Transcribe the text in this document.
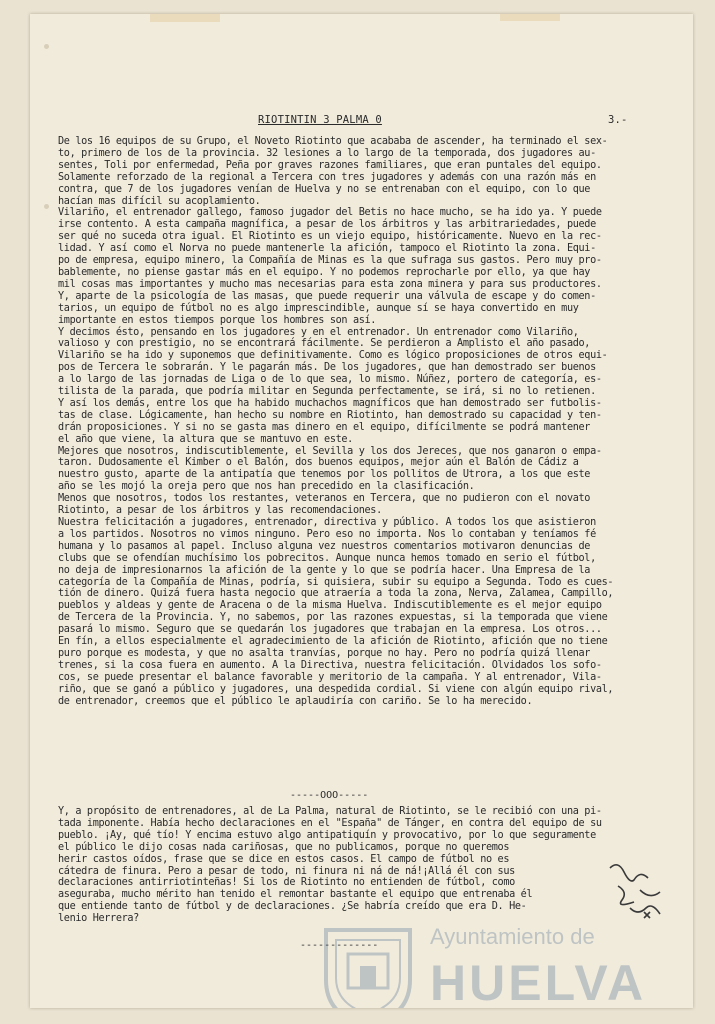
RIOTINTIN 3 PALMA 0	3.-

De los 16 equipos de su Grupo, el Noveto Riotinto que acababa de ascender, ha terminado el sex-

to, primero de los de la provincia. 32 lesiones a lo largo de la temporada, dos jugadores au-

sentes, Toli por enfermedad, Peña por graves razones familiares, que eran puntales del equipo.

Solamente reforzado de la regional a Tercera con tres jugadores y además con una razón más en

contra, que 7 de los jugadores venían de Huelva y no se entrenaban con el equipo, con lo que

hacían mas difícil su acoplamiento.

Vilariño, el entrenador gallego, famoso jugador del Betis no hace mucho, se ha ido ya. Y puede

irse contento. A esta campaña magnífica, a pesar de los árbitros y las arbitrariedades, puede

ser qué no suceda otra igual. El Riotinto es un viejo equipo, históricamente. Nuevo en la rec-

lidad. Y así como el Norva no puede mantenerle la afición, tampoco el Riotinto la zona. Equi-

po de empresa, equipo minero, la Compañía de Minas es la que sufraga sus gastos. Pero muy pro-

bablemente, no piense gastar más en el equipo. Y no podemos reprocharle por ello, ya que hay

mil cosas mas importantes y mucho mas necesarias para esta zona minera y para sus productores.

Y, aparte de la psicología de las masas, que puede requerir una válvula de escape y do comen-

tarios, un equipo de fútbol no es algo imprescindible, aunque sí se haya convertido en muy

importante en estos tiempos porque los hombres son así.

Y decimos ésto, pensando en los jugadores y en el entrenador. Un entrenador como Vilariño,

valioso y con prestigio, no se encontrará fácilmente. Se perdieron a Amplisto el año pasado,

Vilariño se ha ido y suponemos que definitivamente. Como es lógico proposiciones de otros equi-

pos de Tercera le sobrarán. Y le pagarán más. De los jugadores, que han demostrado ser buenos

a lo largo de las jornadas de Liga o de lo que sea, lo mismo. Núñez, portero de categoría, es-

tilista de la parada, que podría militar en Segunda perfectamente, se irá, si no lo retienen.

Y así los demás, entre los que ha habido muchachos magníficos que han demostrado ser futbolis-

tas de clase. Lógicamente, han hecho su nombre en Riotinto, han demostrado su capacidad y ten-

drán proposiciones. Y si no se gasta mas dinero en el equipo, difícilmente se podrá mantener

el año que viene, la altura que se mantuvo en este.

Mejores que nosotros, indiscutiblemente, el Sevilla y los dos Jereces, que nos ganaron o empa-

taron. Dudosamente el Kimber o el Balón, dos buenos equipos, mejor aún el Balón de Cádiz a

nuestro gusto, aparte de la antipatía que tenemos por los pollitos de Utrora, a los que este

año se les mojó la oreja pero que nos han precedido en la clasificación.

Menos que nosotros, todos los restantes, veteranos en Tercera, que no pudieron con el novato

Riotinto, a pesar de los árbitros y las recomendaciones.

Nuestra felicitación a jugadores, entrenador, directiva y público. A todos los que asistieron

a los partidos. Nosotros no vimos ninguno. Pero eso no importa. Nos lo contaban y teníamos fé

humana y lo pasamos al papel. Incluso alguna vez nuestros comentarios motivaron denuncias de

clubs que se ofendían muchísimo los pobrecitos. Aunque nunca hemos tomado en serio el fútbol,

no deja de impresionarnos la afición de la gente y lo que se podría hacer. Una Empresa de la

categoría de la Compañía de Minas, podría, si quisiera, subir su equipo a Segunda. Todo es cues-

tión de dinero. Quizá fuera hasta negocio que atraería a toda la zona, Nerva, Zalamea, Campillo,

pueblos y aldeas y gente de Aracena o de la misma Huelva. Indiscutiblemente es el mejor equipo

de Tercera de la Provincia. Y, no sabemos, por las razones expuestas, si la temporada que viene

pasará lo mismo. Seguro que se quedarán los jugadores que trabajan en la empresa. Los otros...

En fín, a ellos especialmente el agradecimiento de la afición de Riotinto, afición que no tiene

puro porque es modesta, y que no asalta tranvías, porque no hay. Pero no podría quizá llenar

trenes, si la cosa fuera en aumento. A la Directiva, nuestra felicitación. Olvidados los sofo-

cos, se puede presentar el balance favorable y meritorio de la campaña. Y al entrenador, Vila-

riño, que se ganó a público y jugadores, una despedida cordial. Si viene con algún equipo rival,

de entrenador, creemos que el público le aplaudiría con cariño. Se lo ha merecido.

-----OOO-----

Y, a propósito de entrenadores, al de La Palma, natural de Riotinto, se le recibió con una pi-

tada imponente. Había hecho declaraciones en el "España" de Tánger, en contra del equipo de su

pueblo. ¡Ay, qué tío! Y encima estuvo algo antipatiquín y provocativo, por lo que seguramente

el público le dijo cosas nada cariñosas, que no publicamos, porque no queremos

herir castos oídos, frase que se dice en estos casos. El campo de fútbol no es

cátedra de finura. Pero a pesar de todo, ni finura ni ná de ná!¡Allá él con sus

declaraciones antirriotinteñas! Si los de Riotinto no entienden de fútbol, como

aseguraba, mucho mérito han tenido el remontar bastante el equipo que entrenaba él

que entiende tanto de fútbol y de declaraciones. ¿Se habría creído que era D. He-

lenio Herrera?

------------- Ayuntamiento de
HUELVA
